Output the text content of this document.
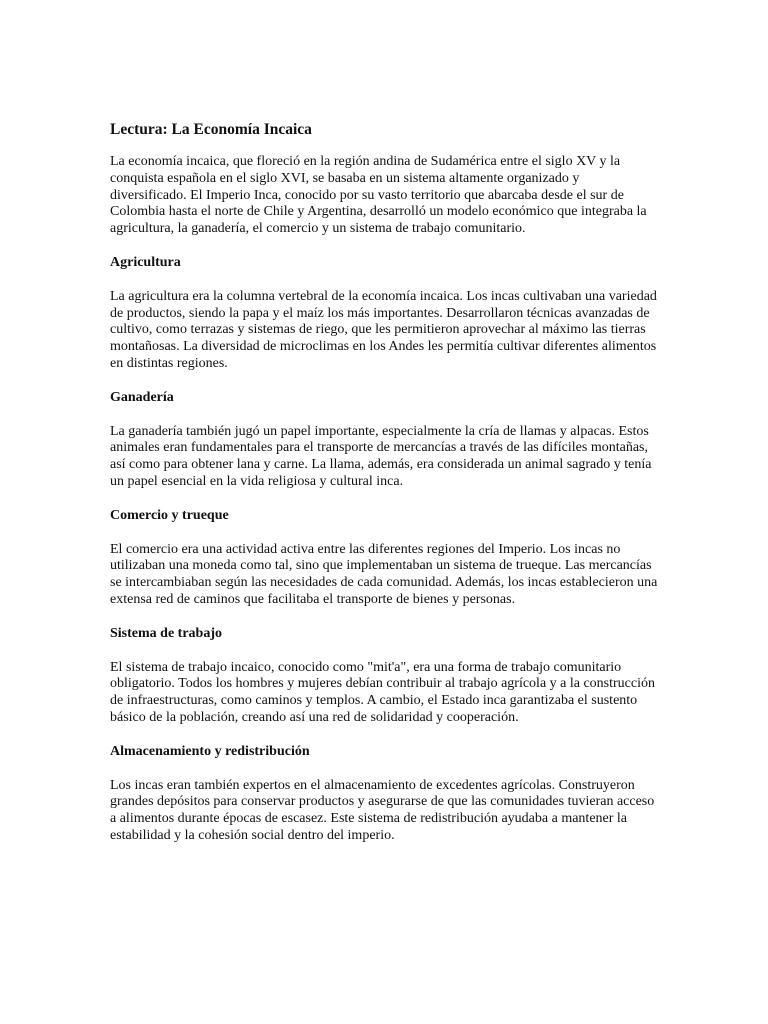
Lectura: La Economía Incaica

La economía incaica, que floreció en la región andina de Sudamérica entre el siglo XV y la conquista española en el siglo XVI, se basaba en un sistema altamente organizado y diversificado. El Imperio Inca, conocido por su vasto territorio que abarcaba desde el sur de Colombia hasta el norte de Chile y Argentina, desarrolló un modelo económico que integraba la agricultura, la ganadería, el comercio y un sistema de trabajo comunitario.

Agricultura

La agricultura era la columna vertebral de la economía incaica. Los incas cultivaban una variedad de productos, siendo la papa y el maíz los más importantes. Desarrollaron técnicas avanzadas de cultivo, como terrazas y sistemas de riego, que les permitieron aprovechar al máximo las tierras montañosas. La diversidad de microclimas en los Andes les permitía cultivar diferentes alimentos en distintas regiones.

Ganadería

La ganadería también jugó un papel importante, especialmente la cría de llamas y alpacas. Estos animales eran fundamentales para el transporte de mercancías a través de las difíciles montañas, así como para obtener lana y carne. La llama, además, era considerada un animal sagrado y tenía un papel esencial en la vida religiosa y cultural inca.

Comercio y trueque

El comercio era una actividad activa entre las diferentes regiones del Imperio. Los incas no utilizaban una moneda como tal, sino que implementaban un sistema de trueque. Las mercancías se intercambiaban según las necesidades de cada comunidad. Además, los incas establecieron una extensa red de caminos que facilitaba el transporte de bienes y personas.

Sistema de trabajo

El sistema de trabajo incaico, conocido como "mit'a", era una forma de trabajo comunitario obligatorio. Todos los hombres y mujeres debían contribuir al trabajo agrícola y a la construcción de infraestructuras, como caminos y templos. A cambio, el Estado inca garantizaba el sustento básico de la población, creando así una red de solidaridad y cooperación.

Almacenamiento y redistribución

Los incas eran también expertos en el almacenamiento de excedentes agrícolas. Construyeron grandes depósitos para conservar productos y asegurarse de que las comunidades tuvieran acceso a alimentos durante épocas de escasez. Este sistema de redistribución ayudaba a mantener la estabilidad y la cohesión social dentro del imperio.
